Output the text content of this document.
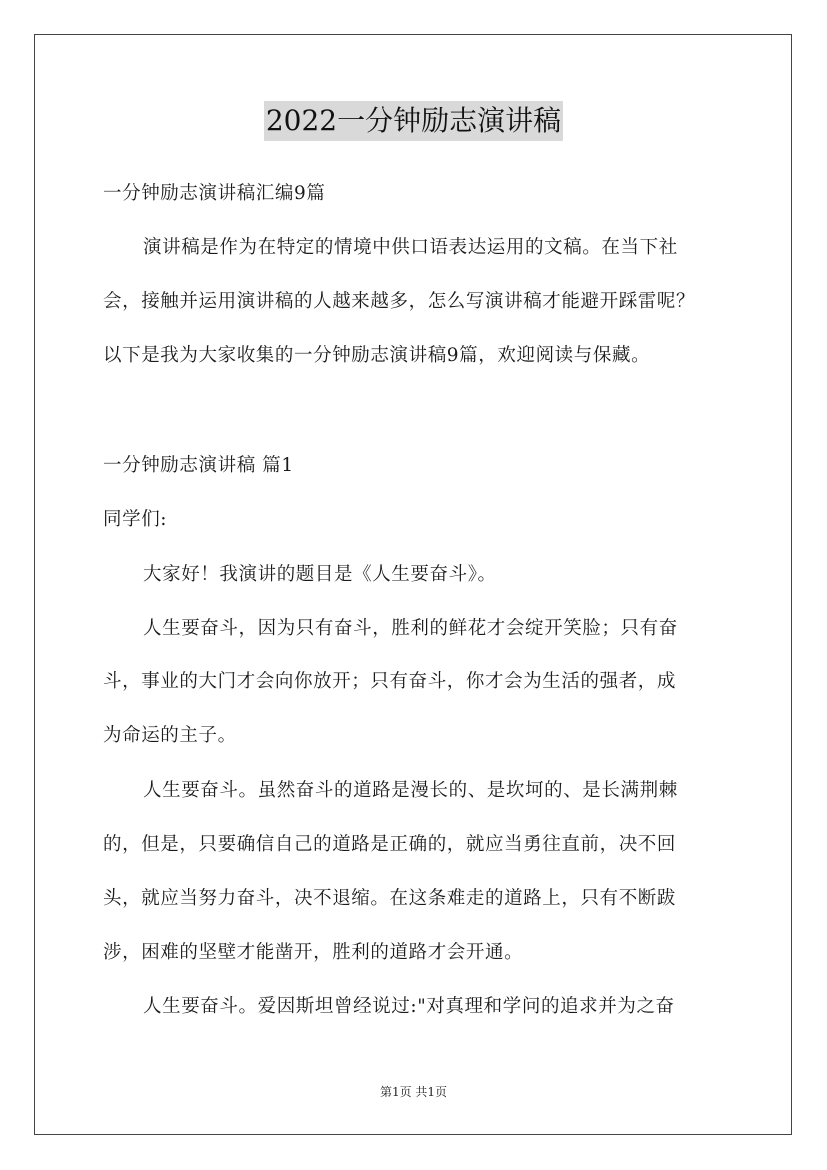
2022一分钟励志演讲稿
一分钟励志演讲稿汇编9篇
演讲稿是作为在特定的情境中供口语表达运用的文稿。在当下社
会，接触并运用演讲稿的人越来越多，怎么写演讲稿才能避开踩雷呢？
以下是我为大家收集的一分钟励志演讲稿9篇，欢迎阅读与保藏。
一分钟励志演讲稿 篇1
同学们:
大家好！我演讲的题目是《人生要奋斗》。
人生要奋斗，因为只有奋斗，胜利的鲜花才会绽开笑脸；只有奋
斗，事业的大门才会向你放开；只有奋斗，你才会为生活的强者，成
为命运的主子。
人生要奋斗。虽然奋斗的道路是漫长的、是坎坷的、是长满荆棘
的，但是，只要确信自己的道路是正确的，就应当勇往直前，决不回
头，就应当努力奋斗，决不退缩。在这条难走的道路上，只有不断跋
涉，困难的坚壁才能凿开，胜利的道路才会开通。
人生要奋斗。爱因斯坦曾经说过:"对真理和学问的追求并为之奋
第1页 共1页
